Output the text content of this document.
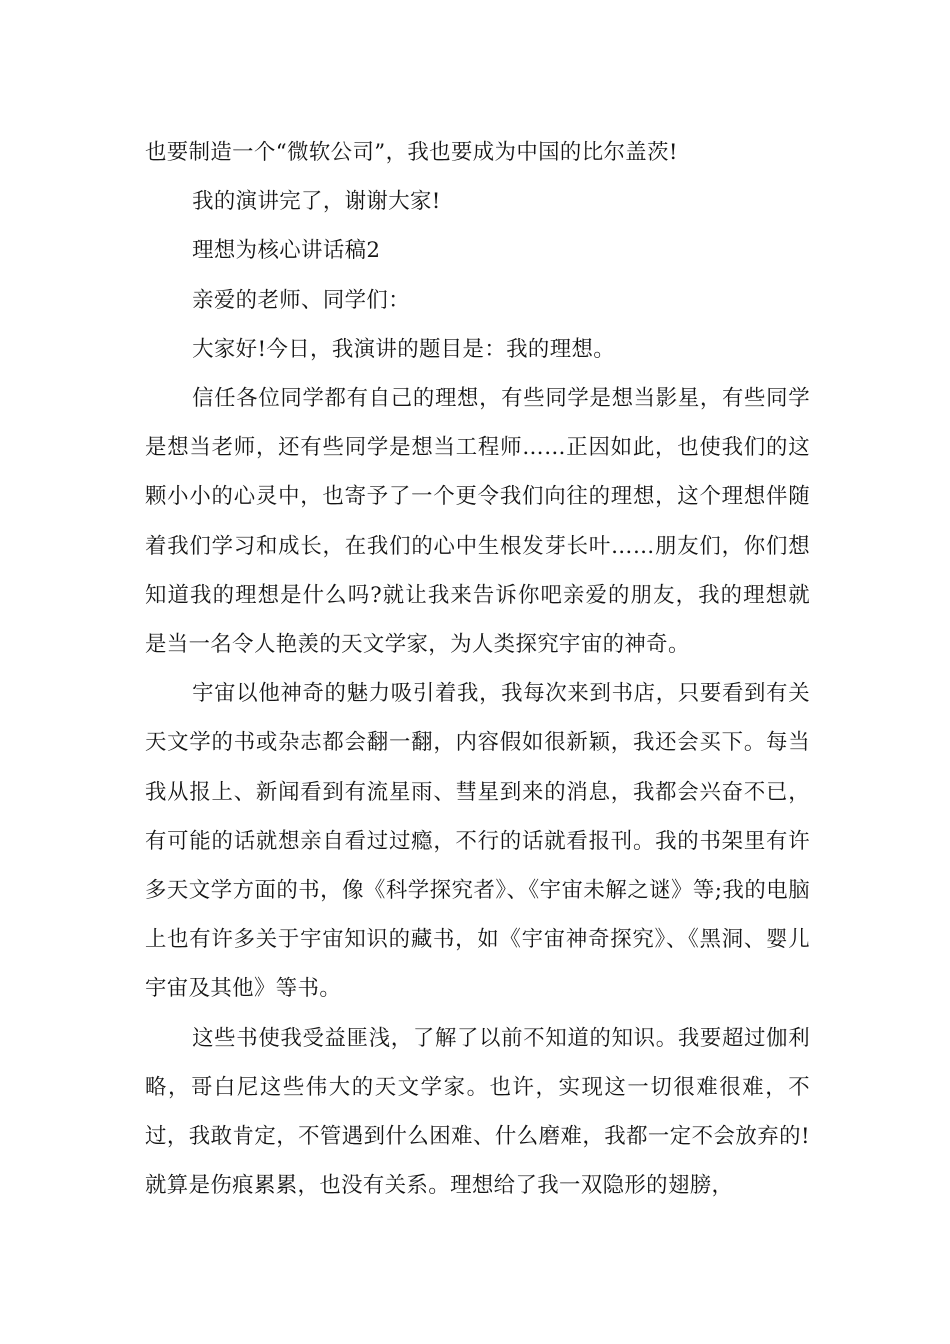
也要制造一个“微软公司”，我也要成为中国的比尔盖茨!

我的演讲完了，谢谢大家!

理想为核心讲话稿2

亲爱的老师、同学们：

大家好!今日，我演讲的题目是：我的理想。

信任各位同学都有自己的理想，有些同学是想当影星，有些同学是想当老师，还有些同学是想当工程师……正因如此，也使我们的这颗小小的心灵中，也寄予了一个更令我们向往的理想，这个理想伴随着我们学习和成长，在我们的心中生根发芽长叶……朋友们，你们想知道我的理想是什么吗?就让我来告诉你吧亲爱的朋友，我的理想就是当一名令人艳羡的天文学家，为人类探究宇宙的神奇。

宇宙以他神奇的魅力吸引着我，我每次来到书店，只要看到有关天文学的书或杂志都会翻一翻，内容假如很新颖，我还会买下。每当我从报上、新闻看到有流星雨、彗星到来的消息，我都会兴奋不已，有可能的话就想亲自看过过瘾，不行的话就看报刊。我的书架里有许多天文学方面的书，像《科学探究者》、《宇宙未解之谜》等;我的电脑上也有许多关于宇宙知识的藏书，如《宇宙神奇探究》、《黑洞、婴儿宇宙及其他》等书。

这些书使我受益匪浅，了解了以前不知道的知识。我要超过伽利略，哥白尼这些伟大的天文学家。也许，实现这一切很难很难，不过，我敢肯定，不管遇到什么困难、什么磨难，我都一定不会放弃的!就算是伤痕累累，也没有关系。理想给了我一双隐形的翅膀，
